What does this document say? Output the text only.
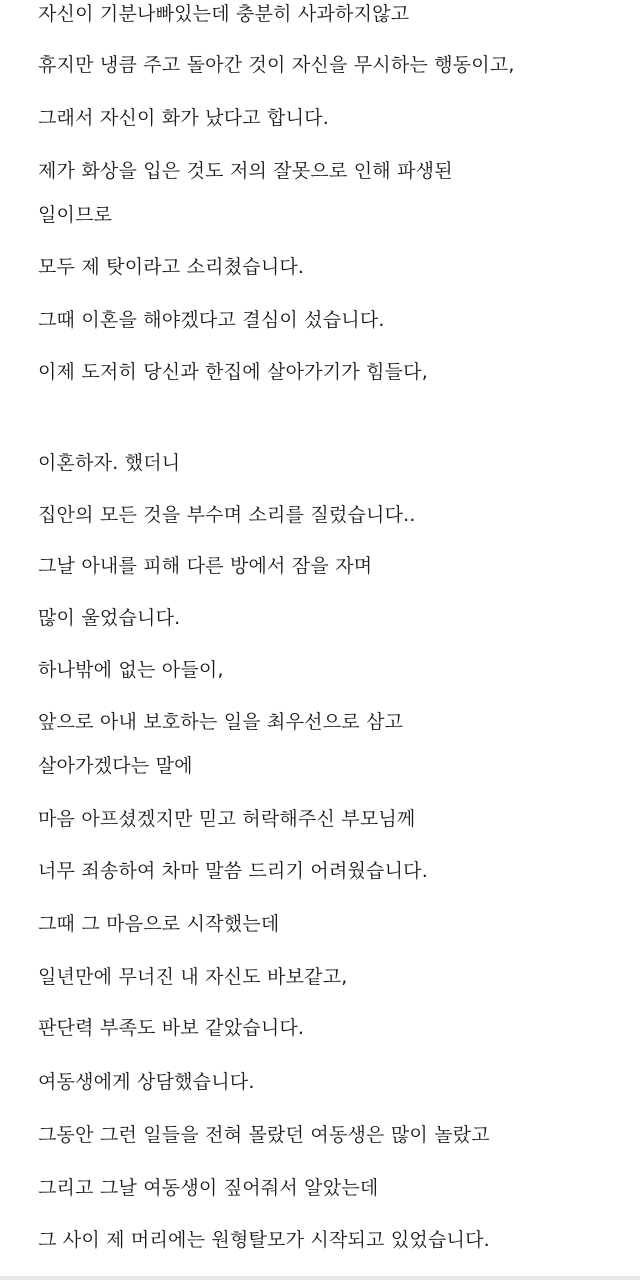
자신이 기분나빠있는데 충분히 사과하지않고
휴지만 냉큼 주고 돌아간 것이 자신을 무시하는 행동이고,
그래서 자신이 화가 났다고 합니다.
제가 화상을 입은 것도 저의 잘못으로 인해 파생된
일이므로
모두 제 탓이라고 소리쳤습니다.
그때 이혼을 해야겠다고 결심이 섰습니다.
이제 도저히 당신과 한집에 살아가기가 힘들다,
이혼하자. 했더니
집안의 모든 것을 부수며 소리를 질렀습니다..
그날 아내를 피해 다른 방에서 잠을 자며
많이 울었습니다.
하나밖에 없는 아들이,
앞으로 아내 보호하는 일을 최우선으로 삼고
살아가겠다는 말에
마음 아프셨겠지만 믿고 허락해주신 부모님께
너무 죄송하여 차마 말씀 드리기 어려웠습니다.
그때 그 마음으로 시작했는데
일년만에 무너진 내 자신도 바보같고,
판단력 부족도 바보 같았습니다.
여동생에게 상담했습니다.
그동안 그런 일들을 전혀 몰랐던 여동생은 많이 놀랐고
그리고 그날 여동생이 짚어줘서 알았는데
그 사이 제 머리에는 원형탈모가 시작되고 있었습니다.
